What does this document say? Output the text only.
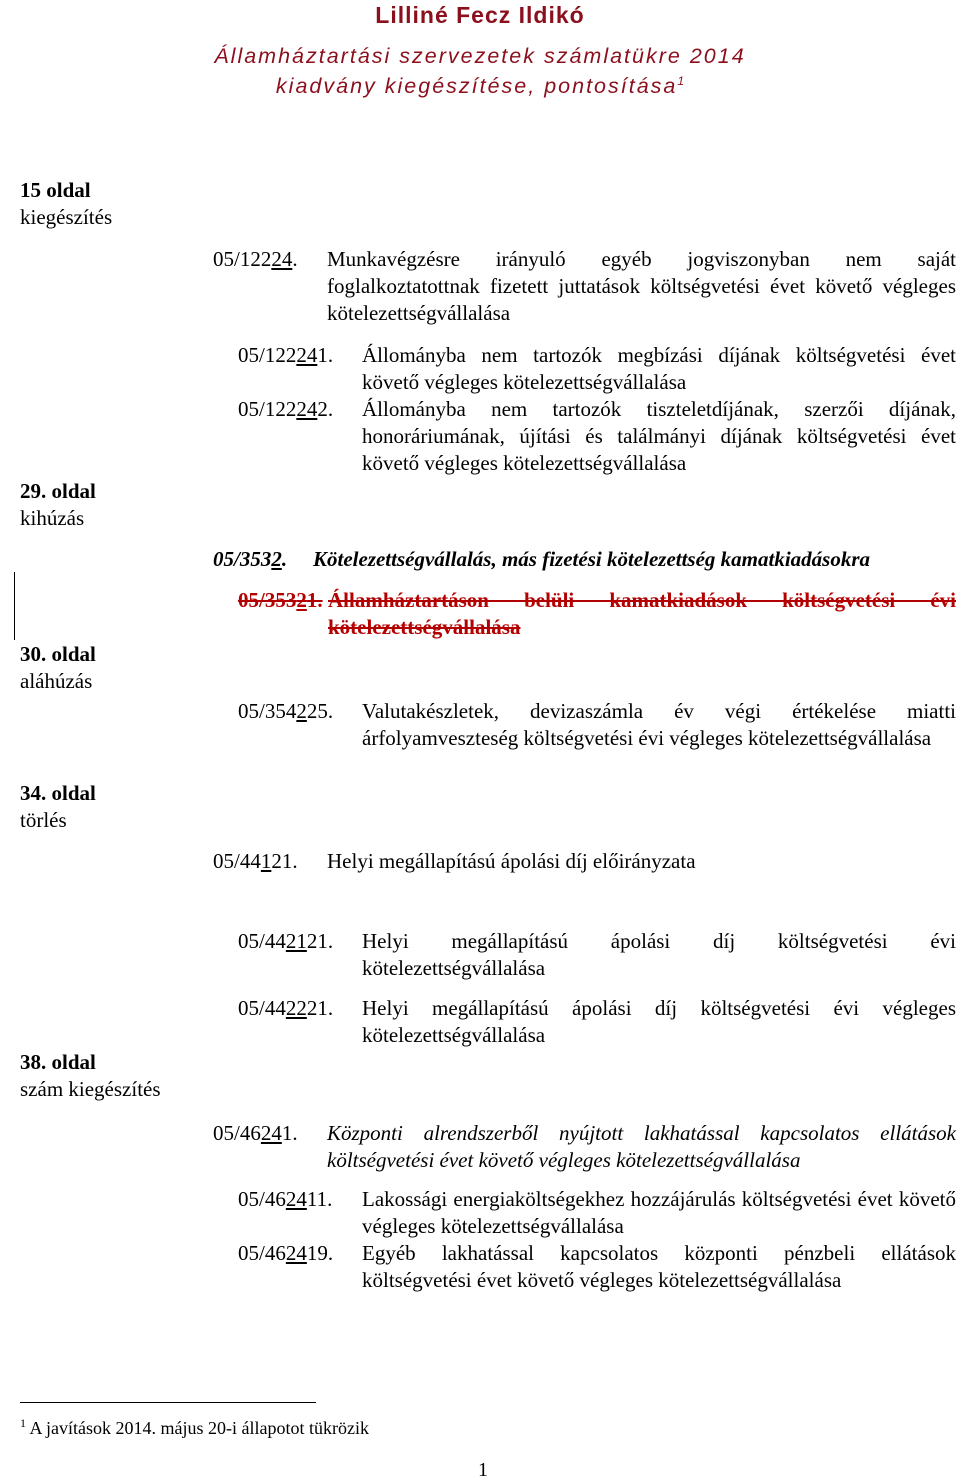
Lilliné Fecz Ildikó
Államháztartási szervezetek számlatükre 2014
kiadvány kiegészítése, pontosítása$^1$
15 oldal
kiegészítés
29. oldal
kihúzás
30. oldal
aláhúzás
34. oldal
törlés
38. oldal
szám kiegészítés
05/12224. Munkavégzésre irányuló egyéb jogviszonyban nem saját foglalkoztatottnak fizetett juttatások költségvetési évet követő végleges kötelezettségvállalása
05/122241. Állományba nem tartozók megbízási díjának költségvetési évet követő végleges kötelezettségvállalása
05/122242. Állományba nem tartozók tiszteletdíjának, szerzői díjának, honoráriumának, újítási és találmányi díjának költségvetési évet követő végleges kötelezettségvállalása
05/3532. Kötelezettségvállalás, más fizetési kötelezettség kamatkiadásokra
05/35321. Államháztartáson belüli kamatkiadások költségvetési évi kötelezettségvállalása
05/354225. Valutakészletek, devizaszámla év végi értékelése miatti árfolyamveszteség költségvetési évi végleges kötelezettségvállalása
05/44121. Helyi megállapítású ápolási díj előirányzata
05/442121. Helyi megállapítású ápolási díj költségvetési évi kötelezettségvállalása
05/442221. Helyi megállapítású ápolási díj költségvetési évi végleges kötelezettségvállalása
05/46241. Központi alrendszerből nyújtott lakhatással kapcsolatos ellátások költségvetési évet követő végleges kötelezettségvállalása
05/462411. Lakossági energiaköltségekhez hozzájárulás költségvetési évet követő végleges kötelezettségvállalása
05/462419. Egyéb lakhatással kapcsolatos központi pénzbeli ellátások költségvetési évet követő végleges kötelezettségvállalása
$^1$ A javítások 2014. május 20-i állapotot tükrözik
1
